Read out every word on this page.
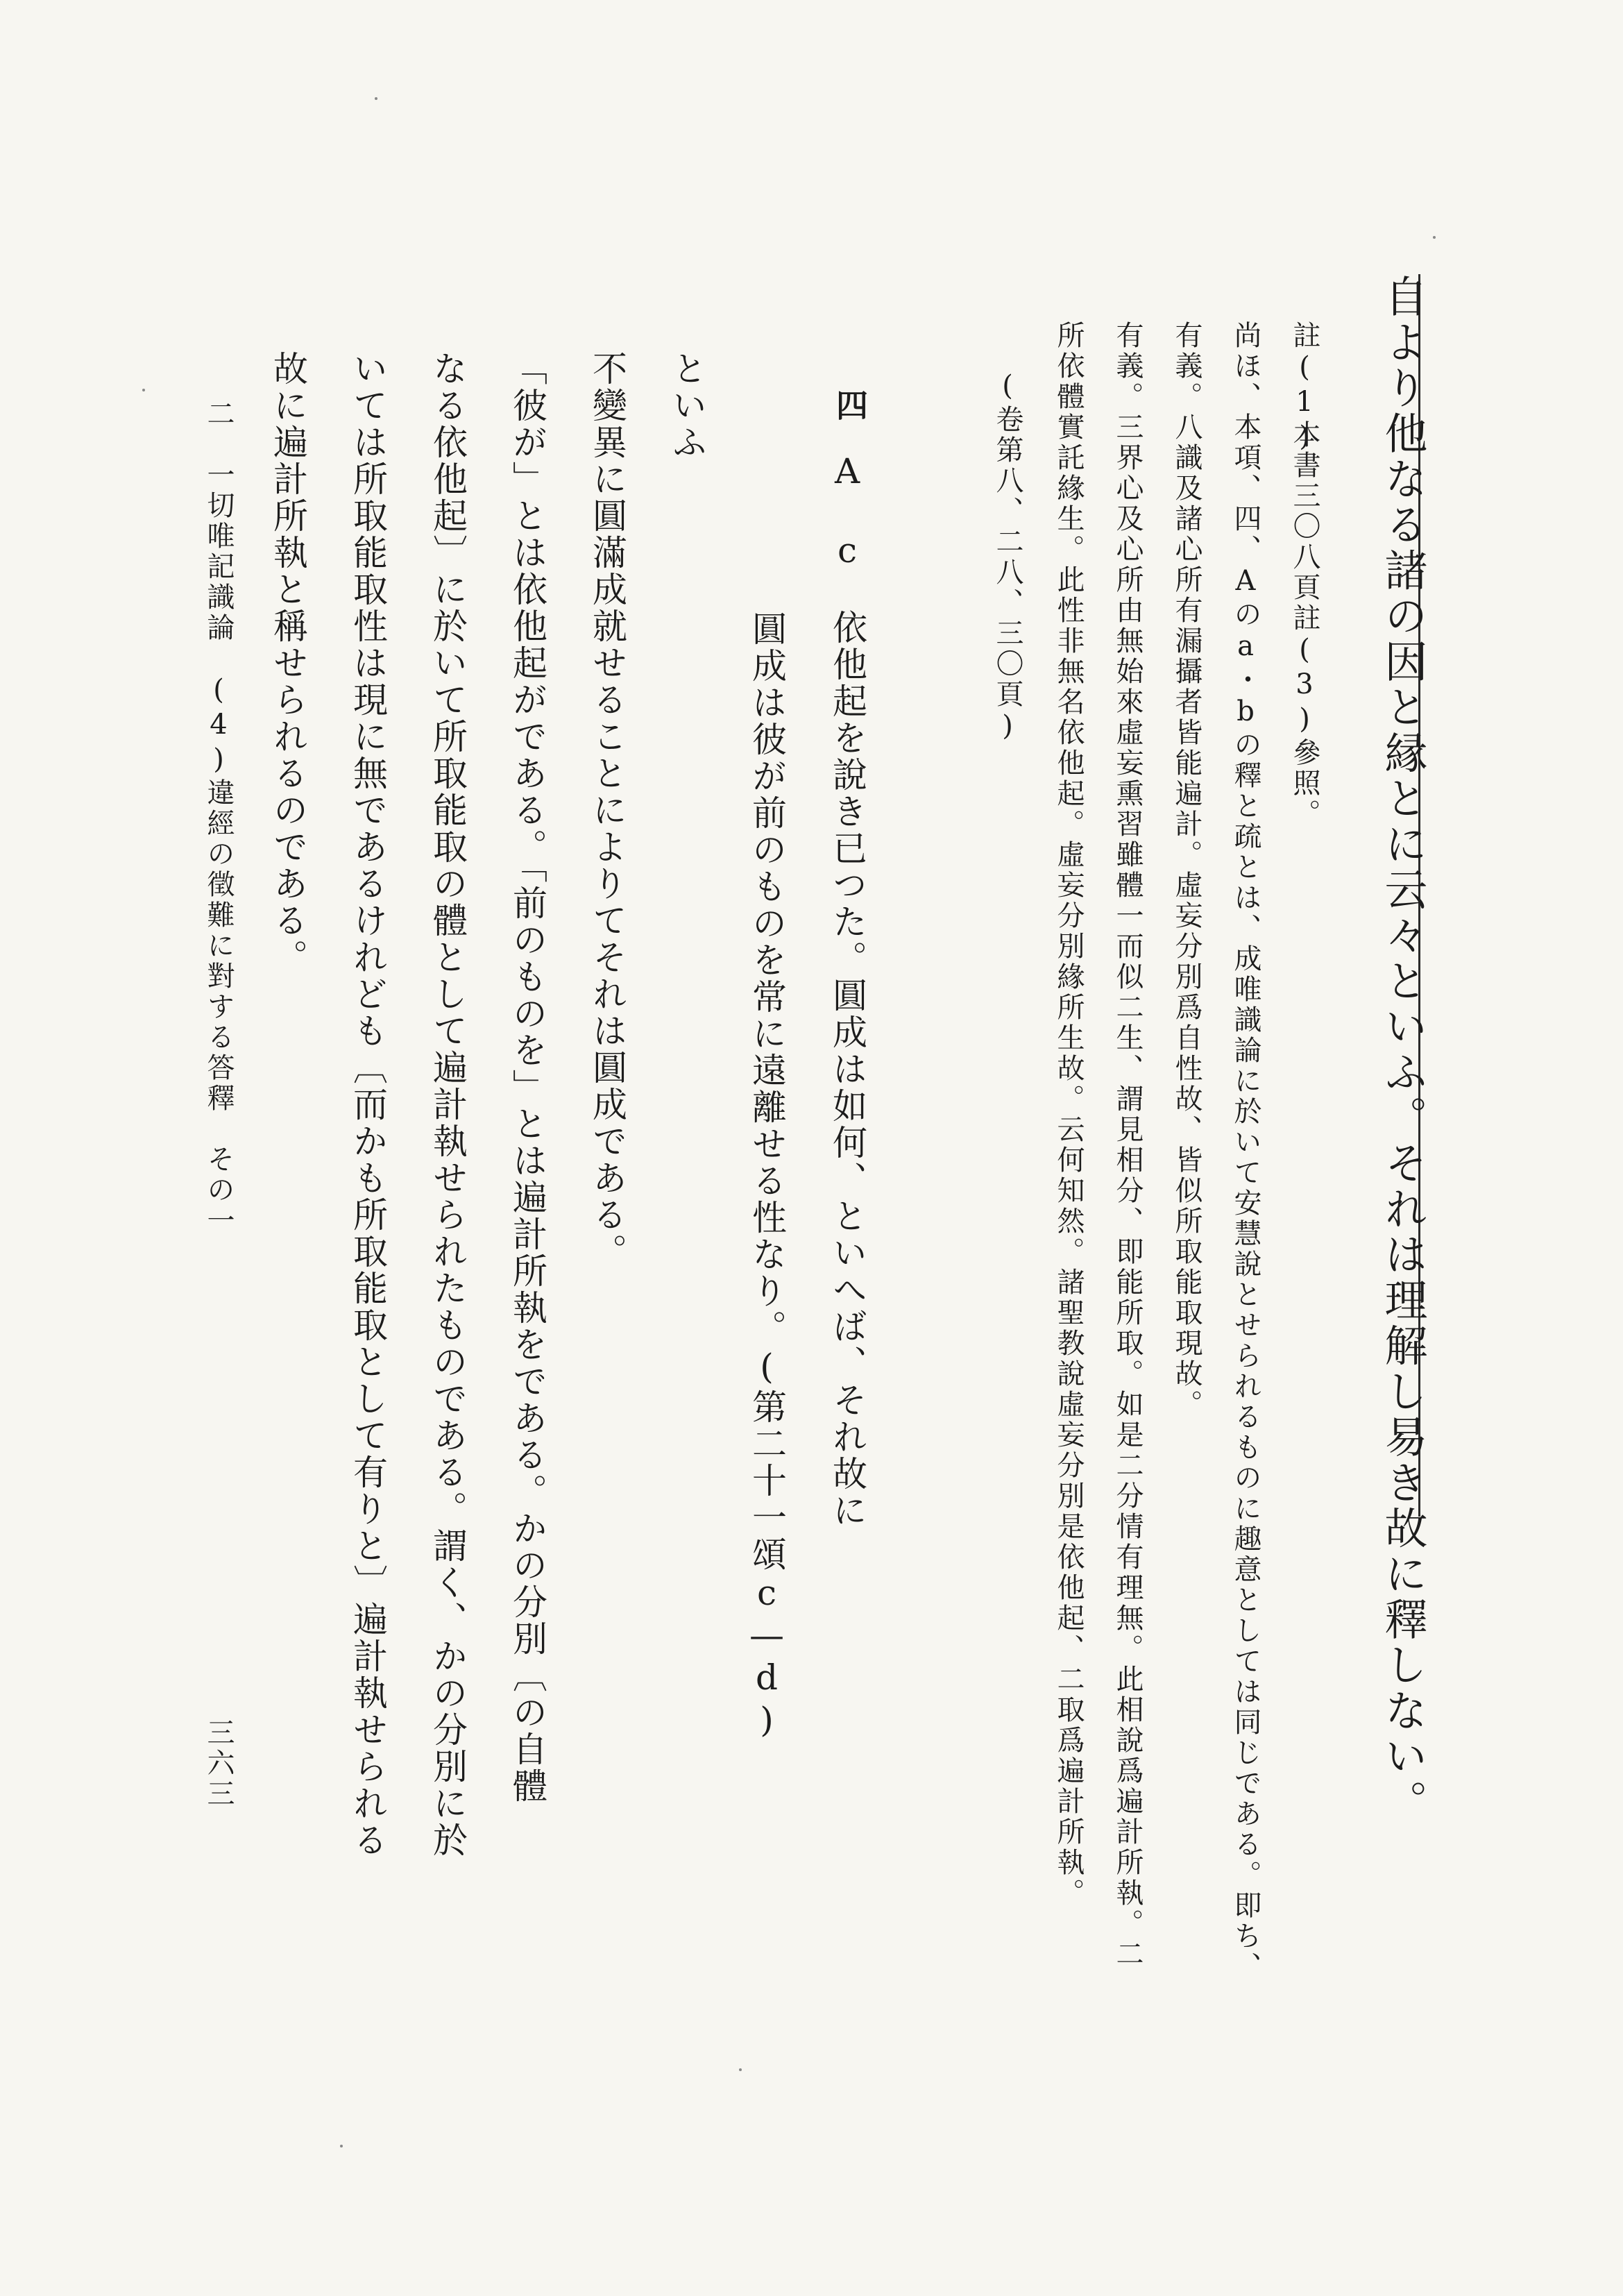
自より他なる諸の因と縁とに云々といふ。それは理解し易き故に釋しない。

註(1)

本書三〇八頁註(3)參照。

尚ほ、本項、四、Aのa・bの釋と疏とは、成唯識論に於いて安慧說とせられるものに趣意としては同じである。即ち、

有義。八識及諸心所有漏攝者皆能遍計。虛妄分別爲自性故、皆似所取能取現故。

有義。三界心及心所由無始來虛妄熏習雖體一而似二生、謂見相分、即能所取。如是二分情有理無。此相說爲遍計所執。二

所依體實託緣生。此性非無名依他起。虛妄分別緣所生故。云何知然。諸聖教說虛妄分別是依他起、二取爲遍計所執。

(卷第八、二八、三〇頁)

四

A　c　依他起を說き已つた。圓成は如何、といへば、それ故に

圓成は彼が前のものを常に遠離せる性なり。(第二十一頌c—d)

といふ

不變異に圓滿成就せることによりてそれは圓成である。

「彼が」とは依他起がである。「前のものを」とは遍計所執をである。かの分別〔の自體

なる依他起〕に於いて所取能取の體として遍計執せられたものである。謂く、かの分別に於

いては所取能取性は現に無であるけれども〔而かも所取能取として有りと〕遍計執せられる

故に遍計所執と稱せられるのである。

二　一切唯記識論　(4)違經の徵難に對する答釋　その一

三六三
